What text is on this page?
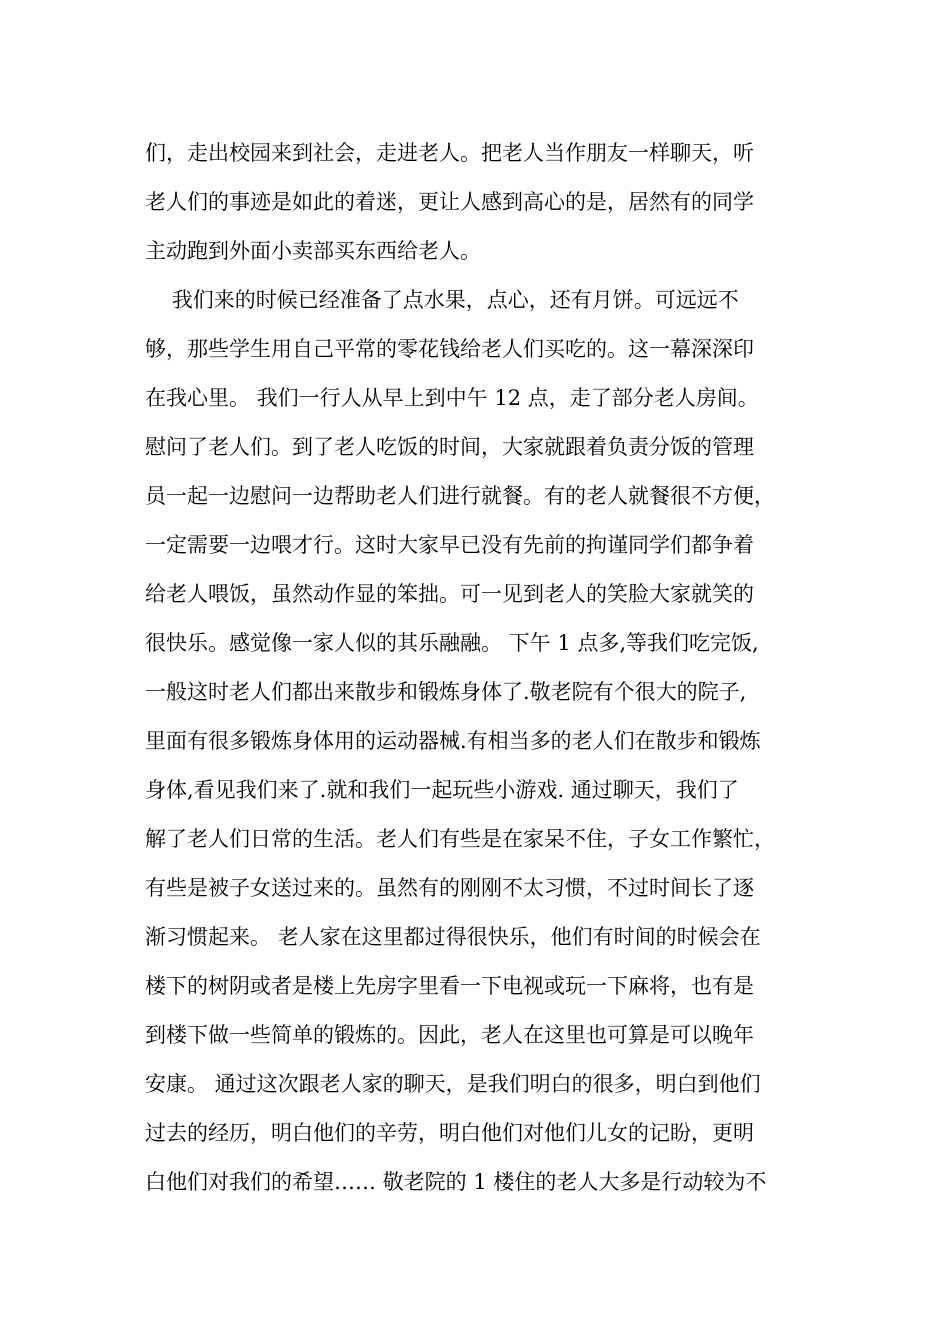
们，走出校园来到社会，走进老人。把老人当作朋友一样聊天，听
老人们的事迹是如此的着迷，更让人感到高心的是，居然有的同学
主动跑到外面小卖部买东西给老人。
我们来的时候已经准备了点水果，点心，还有月饼。可远远不
够，那些学生用自己平常的零花钱给老人们买吃的。这一幕深深印
在我心里。 我们一行人从早上到中午 12 点，走了部分老人房间。
慰问了老人们。到了老人吃饭的时间，大家就跟着负责分饭的管理
员一起一边慰问一边帮助老人们进行就餐。有的老人就餐很不方便，
一定需要一边喂才行。这时大家早已没有先前的拘谨同学们都争着
给老人喂饭，虽然动作显的笨拙。可一见到老人的笑脸大家就笑的
很快乐。感觉像一家人似的其乐融融。 下午 1 点多,等我们吃完饭,
一般这时老人们都出来散步和锻炼身体了.敬老院有个很大的院子,
里面有很多锻炼身体用的运动器械.有相当多的老人们在散步和锻炼
身体,看见我们来了.就和我们一起玩些小游戏. 通过聊天，我们了
解了老人们日常的生活。老人们有些是在家呆不住，子女工作繁忙，
有些是被子女送过来的。虽然有的刚刚不太习惯，不过时间长了逐
渐习惯起来。 老人家在这里都过得很快乐，他们有时间的时候会在
楼下的树阴或者是楼上先房字里看一下电视或玩一下麻将，也有是
到楼下做一些简单的锻炼的。因此，老人在这里也可算是可以晚年
安康。 通过这次跟老人家的聊天，是我们明白的很多，明白到他们
过去的经历，明白他们的辛劳，明白他们对他们儿女的记盼，更明
白他们对我们的希望…… 敬老院的 1 楼住的老人大多是行动较为不
